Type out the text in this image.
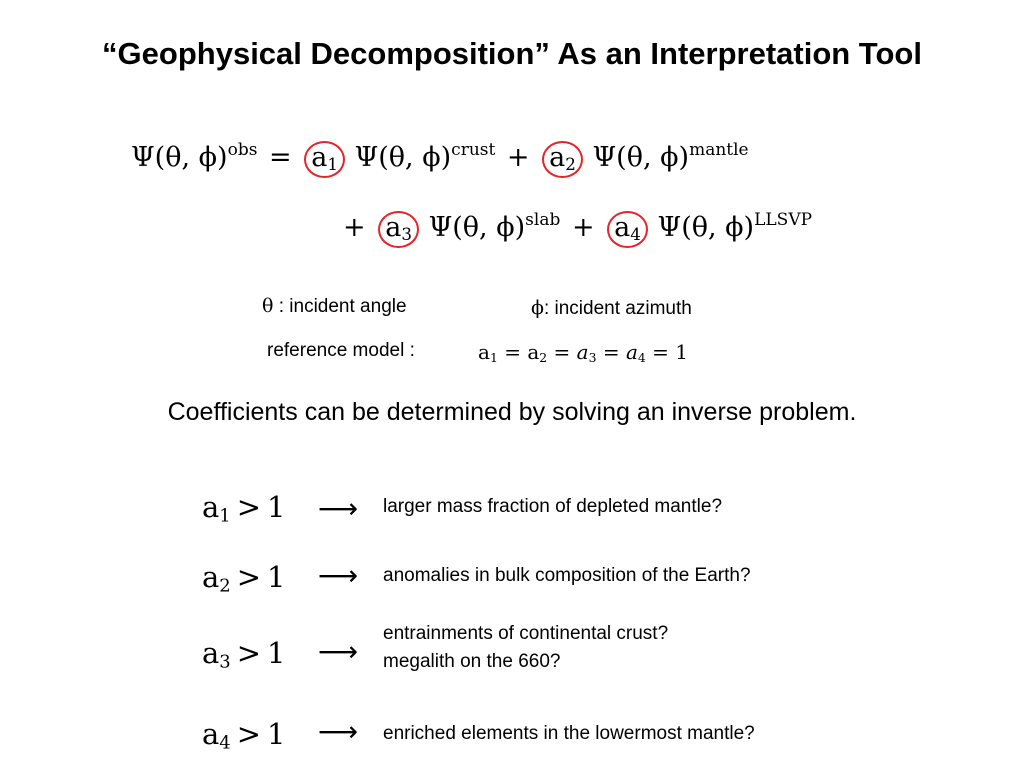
“Geophysical Decomposition” As an Interpretation Tool
Ψ(θ, $\phi)^{obs} = a_1$ Ψ(θ, $\phi)^{crust} + a_2$ Ψ(θ, ϕ)$^{mantle}$
+ $a_3$ Ψ(θ, $\phi)^{slab} + a_4$ Ψ(θ, ϕ)$^{LLSVP}$
θ : incident angle	ϕ: incident azimuth
reference model :	$a_1 = a_2 = a_3 = a_4 = 1$
Coefficients can be determined by solving an inverse problem.
$a_1 > 1$ ⟶ larger mass fraction of depleted mantle?
$a_2 > 1$ ⟶ anomalies in bulk composition of the Earth?
$a_3 > 1$ ⟶
entrainments of continental crust?
megalith on the 660?
$a_4 > 1$ ⟶ enriched elements in the lowermost mantle?
